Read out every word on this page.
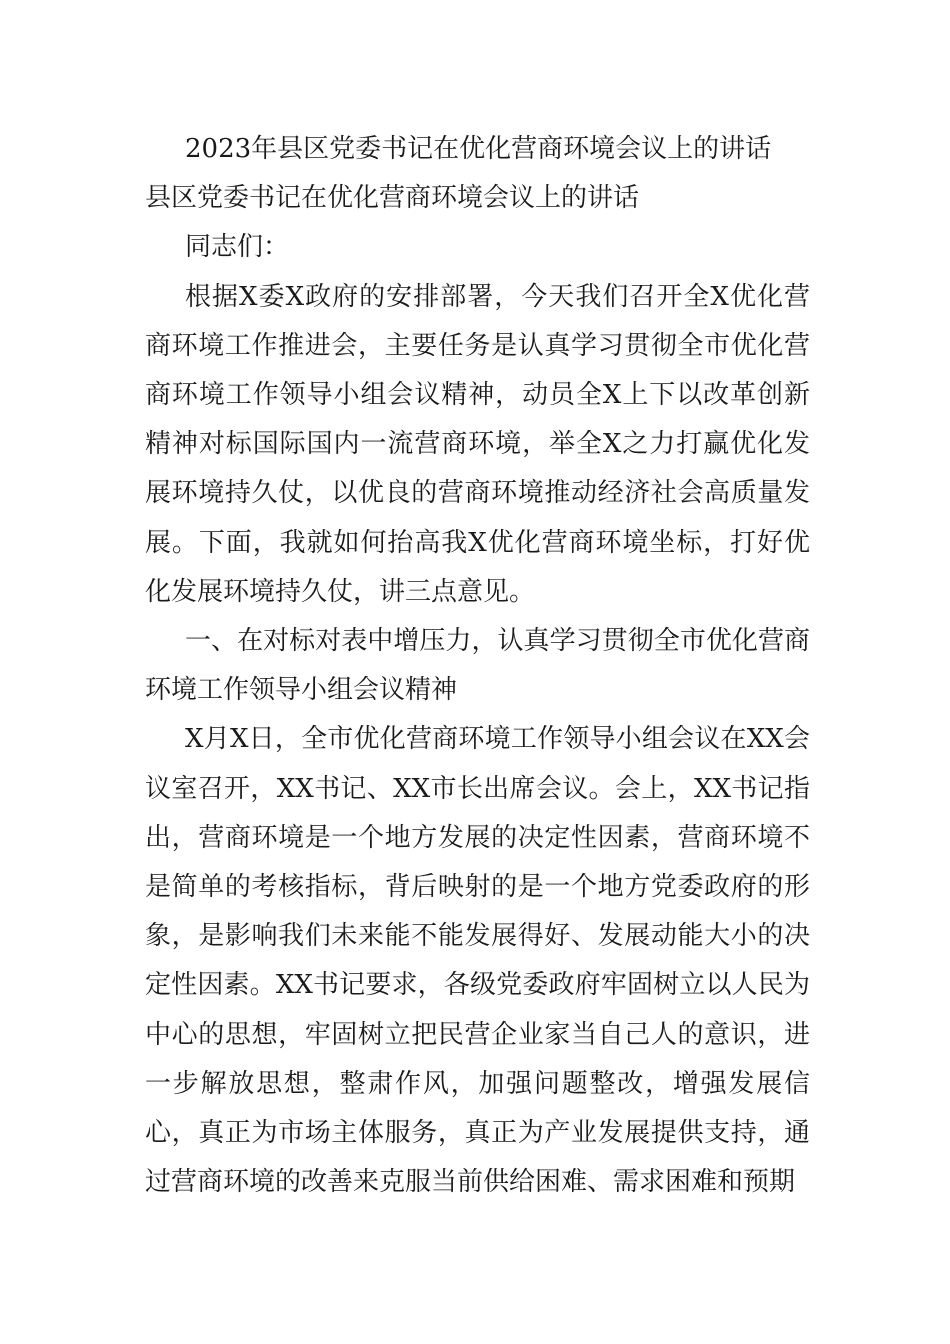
2023年县区党委书记在优化营商环境会议上的讲话

县区党委书记在优化营商环境会议上的讲话

同志们：

根据X委X政府的安排部署，今天我们召开全X优化营商环境工作推进会，主要任务是认真学习贯彻全市优化营商环境工作领导小组会议精神，动员全X上下以改革创新精神对标国际国内一流营商环境，举全X之力打赢优化发展环境持久仗，以优良的营商环境推动经济社会高质量发展。下面，我就如何抬高我X优化营商环境坐标，打好优化发展环境持久仗，讲三点意见。

一、在对标对表中增压力，认真学习贯彻全市优化营商环境工作领导小组会议精神

X月X日，全市优化营商环境工作领导小组会议在XX会议室召开，XX书记、XX市长出席会议。会上，XX书记指出，营商环境是一个地方发展的决定性因素，营商环境不是简单的考核指标，背后映射的是一个地方党委政府的形象，是影响我们未来能不能发展得好、发展动能大小的决定性因素。XX书记要求，各级党委政府牢固树立以人民为中心的思想，牢固树立把民营企业家当自己人的意识，进一步解放思想，整肃作风，加强问题整改，增强发展信心，真正为市场主体服务，真正为产业发展提供支持，通过营商环境的改善来克服当前供给困难、需求困难和预期
